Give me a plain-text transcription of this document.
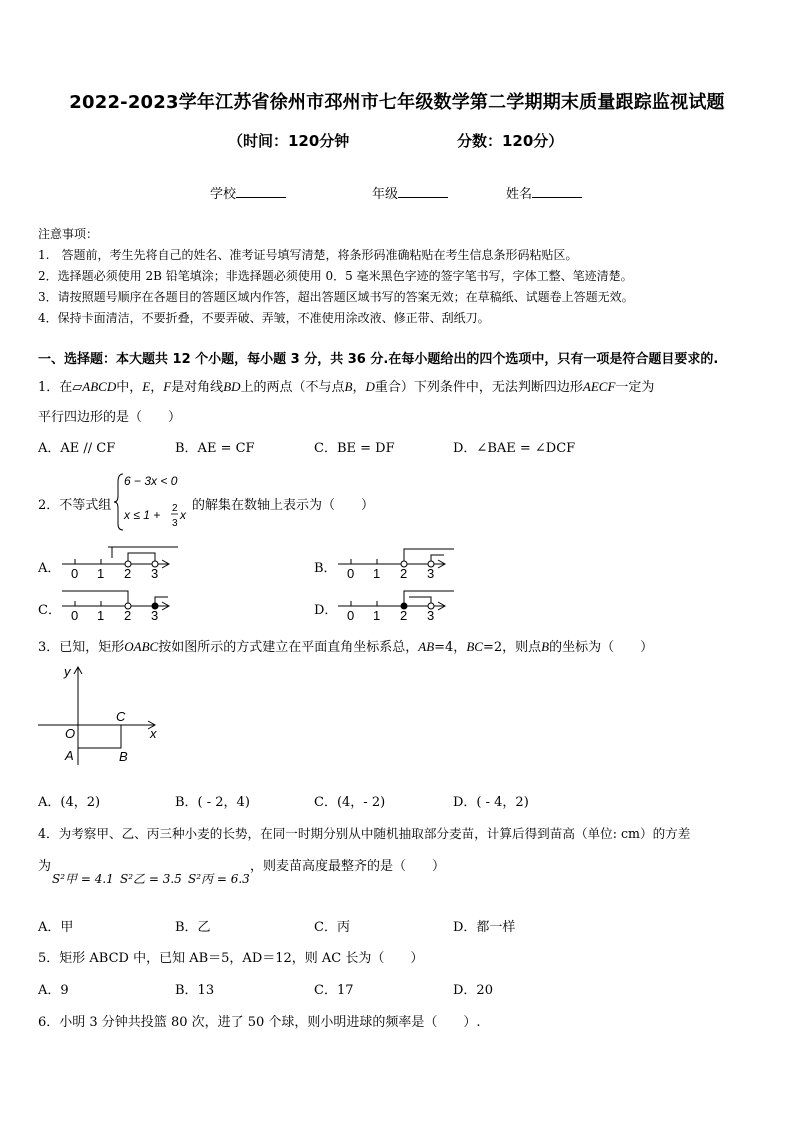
2022-2023学年江苏省徐州市邳州市七年级数学第二学期期末质量跟踪监视试题
（时间：120分钟	分数：120分）
学校	年级	姓名
注意事项：
1.　答题前，考生先将自己的姓名、准考证号填写清楚，将条形码准确粘贴在考生信息条形码粘贴区。
2．选择题必须使用 2B 铅笔填涂；非选择题必须使用 0．5 毫米黑色字迹的签字笔书写，字体工整、笔迹清楚。
3．请按照题号顺序在各题目的答题区域内作答，超出答题区域书写的答案无效；在草稿纸、试题卷上答题无效。
4．保持卡面清洁，不要折叠，不要弄破、弄皱，不准使用涂改液、修正带、刮纸刀。
一、选择题：本大题共 12 个小题，每小题 3 分，共 36 分.在每小题给出的四个选项中，只有一项是符合题目要求的.
1．在▱ABCD中，E，F是对角线BD上的两点（不与点B，D重合）下列条件中，无法判断四边形AECF一定为
平行四边形的是（　　）
A．AE // CF	B．AE = CF	C．BE = DF	D．∠BAE = ∠DCF
2．不等式组
6 − 3x < 0
x ≤ 1 + 2
3
x
的解集在数轴上表示为（　　）
A． 0 1 2 3	B． 0 1 2 3
C． 0 1 2 3	D． 0 1 2 3
3．已知，矩形OABC按如图所示的方式建立在平面直角坐标系总，AB=4，BC=2，则点B的坐标为（　　）
y
x
O
C
A	B
A．(4，2)	B．( - 2，4)	C．(4，- 2)	D．( - 4，2)
4．为考察甲、乙、丙三种小麦的长势，在同一时期分别从中随机抽取部分麦苗，计算后得到苗高（单位: cm）的方差
为
S²甲 = 4.1 S²乙 = 3.5 S²丙 = 6.3
，则麦苗高度最整齐的是（　　）
A．甲	B．乙	C．丙	D．都一样
5．矩形 ABCD 中，已知 AB＝5，AD＝12，则 AC 长为（　　）
A．9	B．13	C．17	D．20
6．小明 3 分钟共投篮 80 次，进了 50 个球，则小明进球的频率是（　　）.
